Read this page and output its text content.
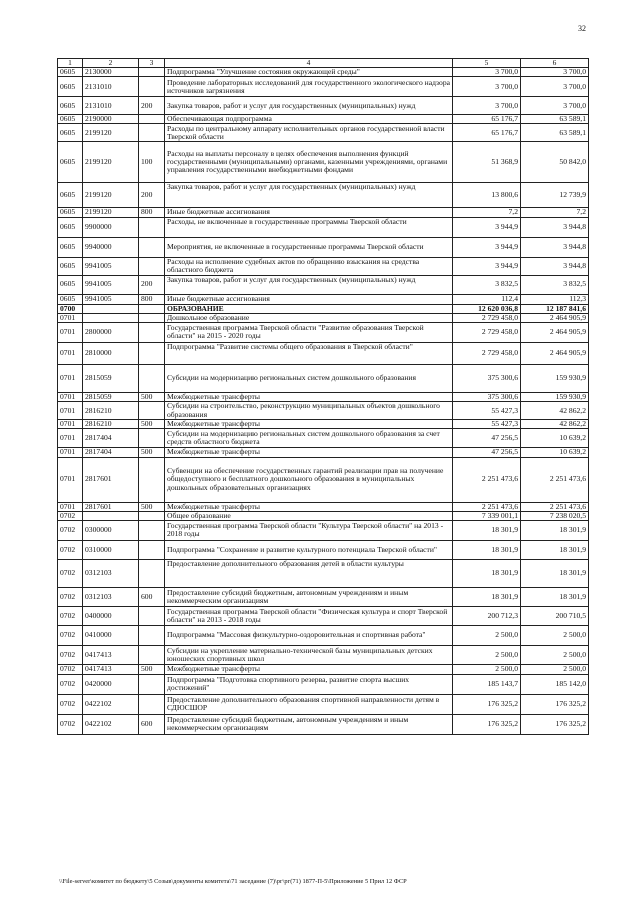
32
1	2	3	4	5	6
0605	2130000		Подпрограмма "Улучшение состояния окружающей среды"	3 700,0	3 700,0
0605	2131010		Проведение лабораторных исследований для государственного экологического надзора источников загрязнения	3 700,0	3 700,0
0605	2131010	200	Закупка товаров, работ и услуг для государственных (муниципальных) нужд	3 700,0	3 700,0
0605	2190000		Обеспечивающая подпрограмма	65 176,7	63 589,1
0605	2199120		Расходы по центральному аппарату исполнительных органов государственной власти Тверской области	65 176,7	63 589,1
0605	2199120	100	Расходы на выплаты персоналу в целях обеспечения выполнения функций государственными (муниципальными) органами, казенными учреждениями, органами управления государственными внебюджетными фондами	51 368,9	50 842,0
0605	2199120	200	Закупка товаров, работ и услуг для государственных (муниципальных) нужд	13 800,6	12 739,9
0605	2199120	800	Иные бюджетные ассигнования	7,2	7,2
0605	9900000		Расходы, не включенные в государственные программы Тверской области	3 944,9	3 944,8
0605	9940000		Мероприятия, не включенные в государственные программы Тверской области	3 944,9	3 944,8
0605	9941005		Расходы на исполнение судебных актов по обращению взыскания на средства областного бюджета	3 944,9	3 944,8
0605	9941005	200	Закупка товаров, работ и услуг для государственных (муниципальных) нужд	3 832,5	3 832,5
0605	9941005	800	Иные бюджетные ассигнования	112,4	112,3
0700			ОБРАЗОВАНИЕ	12 620 036,8	12 187 841,6
0701			Дошкольное образование	2 729 458,0	2 464 905,9
0701	2800000		Государственная программа Тверской области "Развитие образования Тверской области" на 2015 - 2020 годы	2 729 458,0	2 464 905,9
0701	2810000		Подпрограмма "Развитие системы общего образования в Тверской области"	2 729 458,0	2 464 905,9
0701	2815059		Субсидии на модернизацию региональных систем дошкольного образования	375 300,6	159 930,9
0701	2815059	500	Межбюджетные трансферты	375 300,6	159 930,9
0701	2816210		Субсидии на строительство, реконструкцию муниципальных объектов дошкольного образования	55 427,3	42 862,2
0701	2816210	500	Межбюджетные трансферты	55 427,3	42 862,2
0701	2817404		Субсидии на модернизацию региональных систем дошкольного образования за счет средств областного бюджета	47 256,5	10 639,2
0701	2817404	500	Межбюджетные трансферты	47 256,5	10 639,2
0701	2817601		Субвенции на обеспечение государственных гарантий реализации прав на получение общедоступного и бесплатного дошкольного образования в муниципальных дошкольных образовательных организациях	2 251 473,6	2 251 473,6
0701	2817601	500	Межбюджетные трансферты	2 251 473,6	2 251 473,6
0702			Общее образование	7 339 001,1	7 238 020,5
0702	0300000		Государственная программа Тверской области "Культура Тверской области" на 2013 - 2018 годы	18 301,9	18 301,9
0702	0310000		Подпрограмма "Сохранение и развитие культурного потенциала Тверской области"	18 301,9	18 301,9
0702	0312103		Предоставление дополнительного образования детей в области культуры	18 301,9	18 301,9
0702	0312103	600	Предоставление субсидий бюджетным, автономным учреждениям и иным некоммерческим организациям	18 301,9	18 301,9
0702	0400000		Государственная программа Тверской области "Физическая культура и спорт Тверской области" на 2013 - 2018 годы	200 712,3	200 710,5
0702	0410000		Подпрограмма "Массовая физкультурно-оздоровительная и спортивная работа"	2 500,0	2 500,0
0702	0417413		Субсидии на укрепление материально-технической базы муниципальных детских юношеских спортивных школ	2 500,0	2 500,0
0702	0417413	500	Межбюджетные трансферты	2 500,0	2 500,0
0702	0420000		Подпрограмма "Подготовка спортивного резерва, развитие спорта высших достижений"	185 143,7	185 142,0
0702	0422102		Предоставление дополнительного образования спортивной направленности детям в СДЮСШОР	176 325,2	176 325,2
0702	0422102	600	Предоставление субсидий бюджетным, автономным учреждениям и иным некоммерческим организациям	176 325,2	176 325,2
\\File-server\комитет по бюджету\5 Созыв\документы комитета\71 заседание (7)\рг\рг(71) 1877-П-5\Приложение 5 Прил 12 ФСР
